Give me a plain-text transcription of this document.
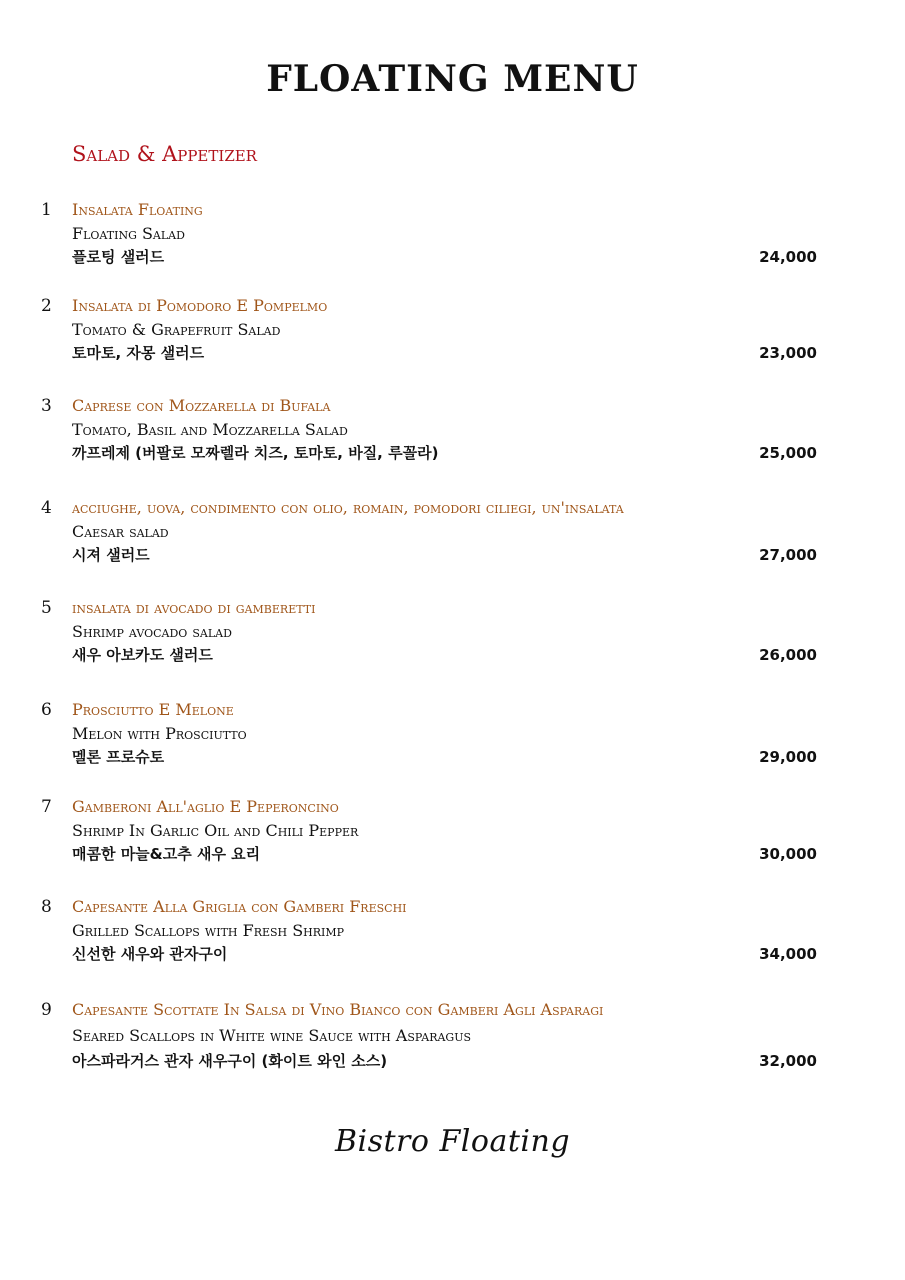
FLOATING MENU
Salad & Appetizer
1 Insalata Floating
Floating Salad
플로팅 샐러드	24,000
2 Insalata di Pomodoro E Pompelmo
Tomato & Grapefruit Salad
토마토, 자몽 샐러드	23,000
3 Caprese con Mozzarella di Bufala
Tomato, Basil and Mozzarella Salad
까프레제 (버팔로 모짜렐라 치즈, 토마토, 바질, 루꼴라)	25,000
4 acciughe, uova, condimento con olio, romain, pomodori ciliegi, un'insalata
Caesar salad
시져 샐러드	27,000
5 insalata di avocado di gamberetti
Shrimp avocado salad
새우 아보카도 샐러드	26,000
6 Prosciutto E Melone
Melon with Prosciutto
멜론 프로슈토	29,000
7 Gamberoni All'aglio E Peperoncino
Shrimp In Garlic Oil and Chili Pepper
매콤한 마늘&고추 새우 요리	30,000
8 Capesante Alla Griglia con Gamberi Freschi
Grilled Scallops with Fresh Shrimp
신선한 새우와 관자구이	34,000
9 Capesante Scottate In Salsa di Vino Bianco con Gamberi Agli Asparagi
Seared Scallops in White wine Sauce with Asparagus
아스파라거스 관자 새우구이 (화이트 와인 소스)	32,000
Bistro Floating
